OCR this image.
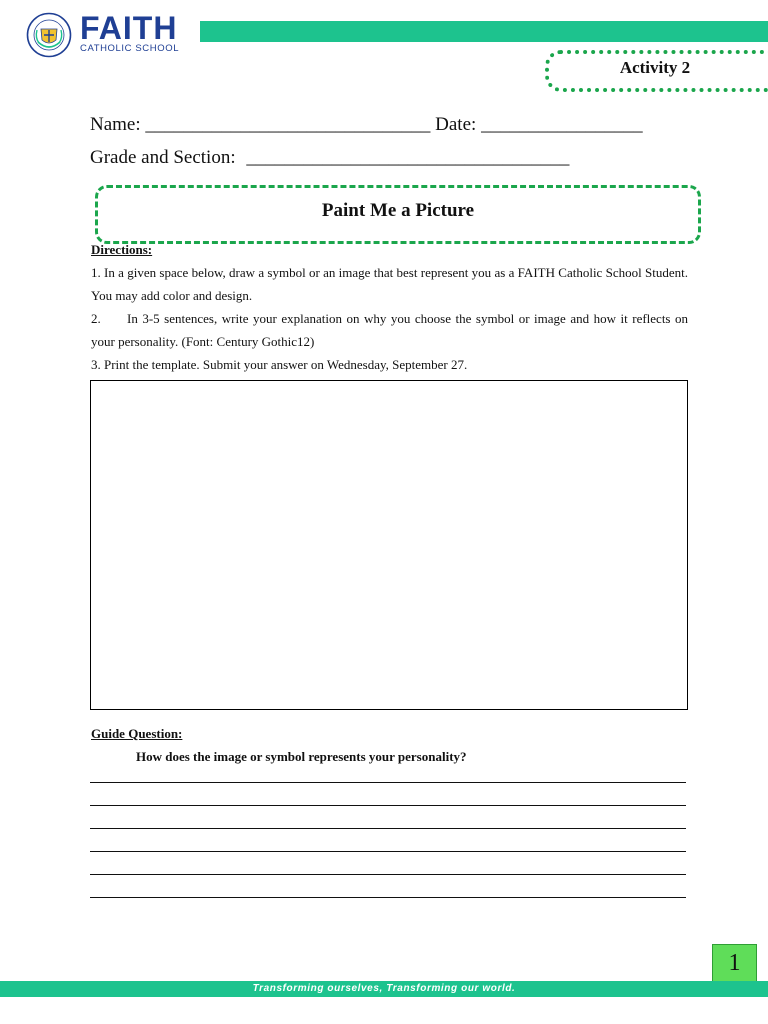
FAITH
CATHOLIC SCHOOL
Activity 2
Name: ______________________________ Date: _________________
Grade and Section: __________________________________
Paint Me a Picture
Directions:
1. In a given space below, draw a symbol or an image that best represent you as a FAITH Catholic School Student. You may add color and design.
2. In 3-5 sentences, write your explanation on why you choose the symbol or image and how it reflects on your personality. (Font: Century Gothic12)
3. Print the template. Submit your answer on Wednesday, September 27.
Guide Question:
How does the image or symbol represents your personality?
1
Transforming ourselves, Transforming our world.
